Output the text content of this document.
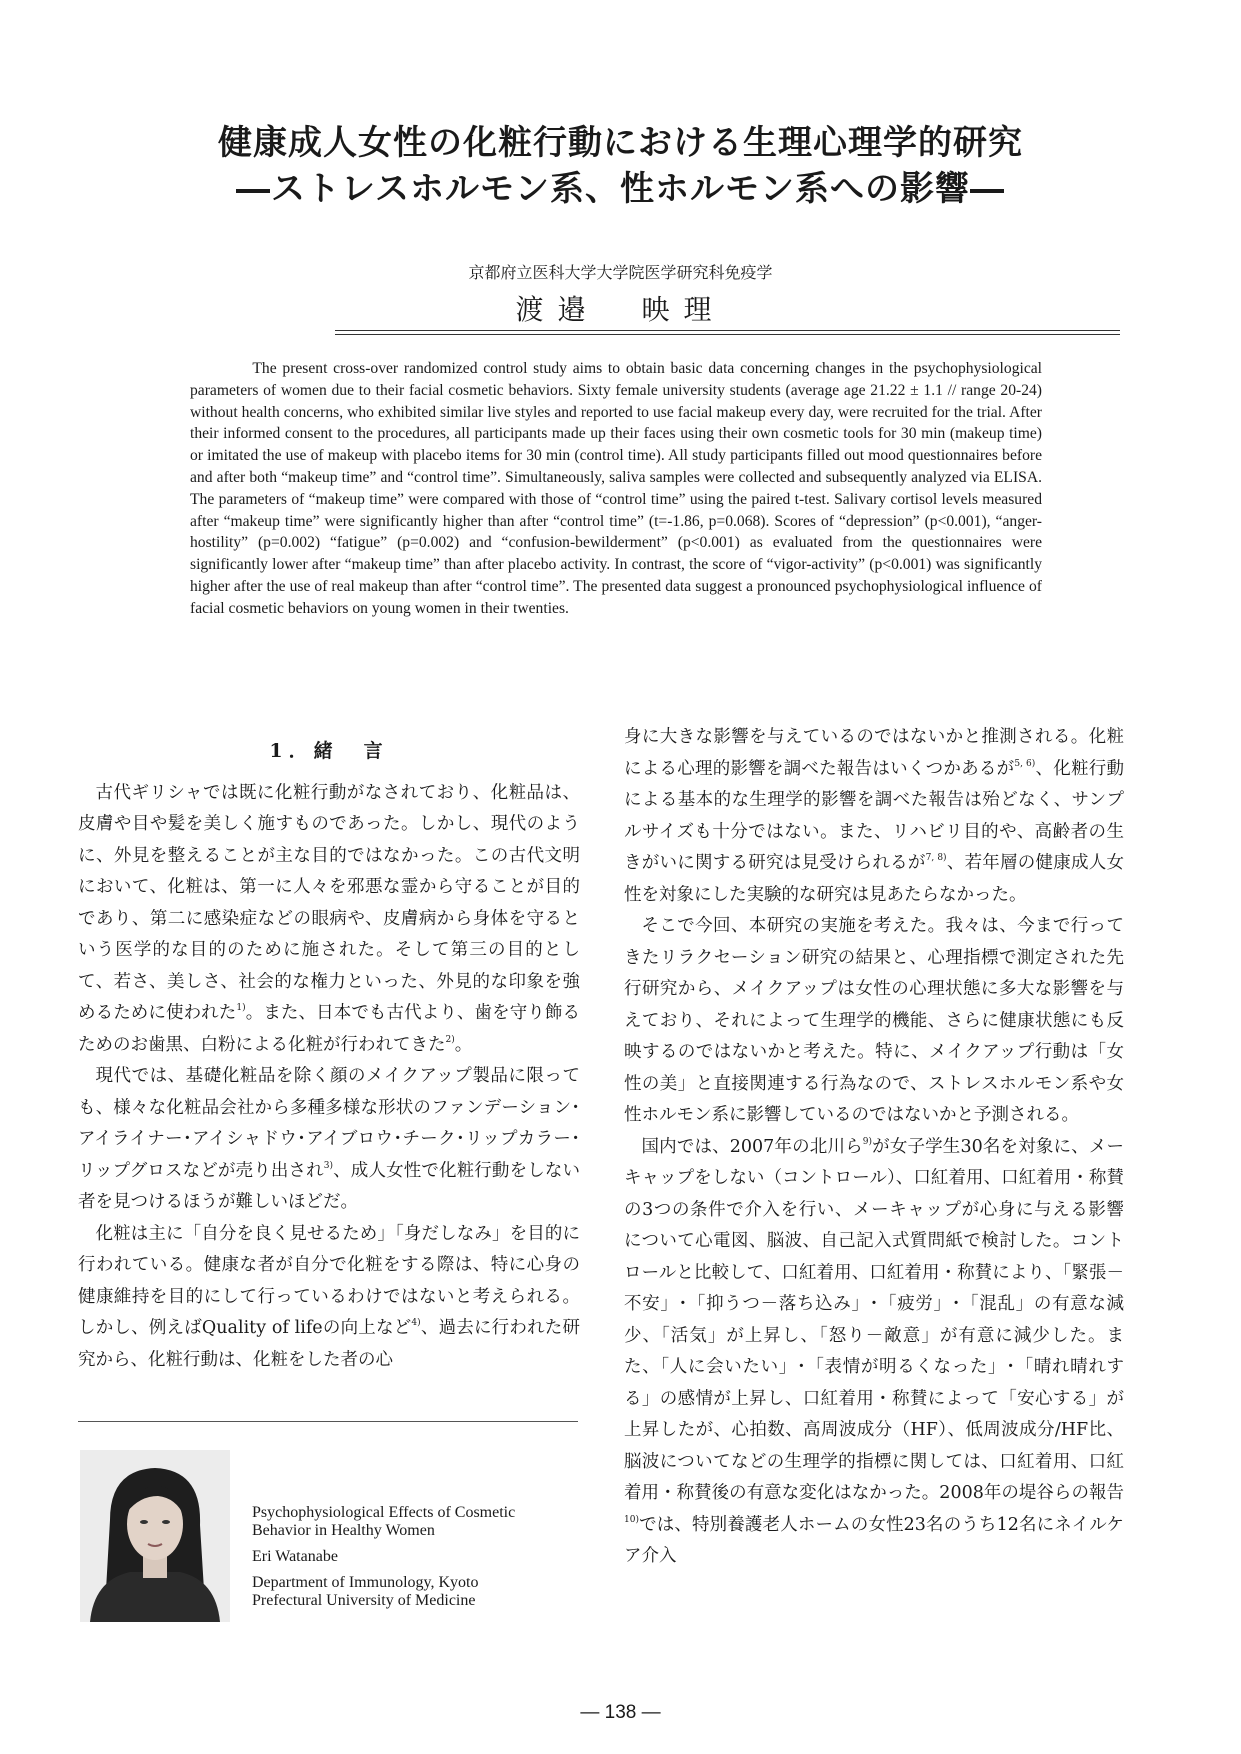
健康成人女性の化粧行動における生理心理学的研究
―ストレスホルモン系、性ホルモン系への影響―
京都府立医科大学大学院医学研究科免疫学
渡邉　映理

The present cross-over randomized control study aims to obtain basic data concerning changes in the psychophysiological parameters of women due to their facial cosmetic behaviors. Sixty female university students (average age 21.22 ± 1.1 // range 20-24) without health concerns, who exhibited similar live styles and reported to use facial makeup every day, were recruited for the trial. After their informed consent to the procedures, all participants made up their faces using their own cosmetic tools for 30 min (makeup time) or imitated the use of makeup with placebo items for 30 min (control time). All study participants filled out mood questionnaires before and after both “makeup time” and “control time”. Simultaneously, saliva samples were collected and subsequently analyzed via ELISA. The parameters of “makeup time” were compared with those of “control time” using the paired t-test. Salivary cortisol levels measured after “makeup time” were significantly higher than after “control time” (t=-1.86, p=0.068). Scores of “depression” (p<0.001), “anger-hostility” (p=0.002) “fatigue” (p=0.002) and “confusion-bewilderment” (p<0.001) as evaluated from the questionnaires were significantly lower after “makeup time” than after placebo activity. In contrast, the score of “vigor-activity” (p<0.001) was significantly higher after the use of real makeup than after “control time”. The presented data suggest a pronounced psychophysiological influence of facial cosmetic behaviors on young women in their twenties.

1．緒　言

古代ギリシャでは既に化粧行動がなされており、化粧品は、皮膚や目や髪を美しく施すものであった。しかし、現代のように、外見を整えることが主な目的ではなかった。この古代文明において、化粧は、第一に人々を邪悪な霊から守ることが目的であり、第二に感染症などの眼病や、皮膚病から身体を守るという医学的な目的のために施された。そして第三の目的として、若さ、美しさ、社会的な権力といった、外見的な印象を強めるために使われた$^{1)}$。また、日本でも古代より、歯を守り飾るためのお歯黒、白粉による化粧が行われてきた$^{2)}$。

現代では、基礎化粧品を除く顔のメイクアップ製品に限っても、様々な化粧品会社から多種多様な形状のファンデーション･アイライナー･アイシャドウ･アイブロウ･チーク･リップカラー･リップグロスなどが売り出され$^{3)}$、成人女性で化粧行動をしない者を見つけるほうが難しいほどだ。

化粧は主に「自分を良く見せるため」「身だしなみ」を目的に行われている。健康な者が自分で化粧をする際は、特に心身の健康維持を目的にして行っているわけではないと考えられる。しかし、例えばQuality of lifeの向上など$^{4)}$、過去に行われた研究から、化粧行動は、化粧をした者の心

身に大きな影響を与えているのではないかと推測される。化粧による心理的影響を調べた報告はいくつかあるが$^{5, 6)}$、化粧行動による基本的な生理学的影響を調べた報告は殆どなく、サンプルサイズも十分ではない。また、リハビリ目的や、高齢者の生きがいに関する研究は見受けられるが$^{7, 8)}$、若年層の健康成人女性を対象にした実験的な研究は見あたらなかった。

そこで今回、本研究の実施を考えた。我々は、今まで行ってきたリラクセーション研究の結果と、心理指標で測定された先行研究から、メイクアップは女性の心理状態に多大な影響を与えており、それによって生理学的機能、さらに健康状態にも反映するのではないかと考えた。特に、メイクアップ行動は「女性の美」と直接関連する行為なので、ストレスホルモン系や女性ホルモン系に影響しているのではないかと予測される。

国内では、2007年の北川ら$^{9)}$が女子学生30名を対象に、メーキャップをしない（コントロール）、口紅着用、口紅着用・称賛の3つの条件で介入を行い、メーキャップが心身に与える影響について心電図、脳波、自己記入式質問紙で検討した。コントロールと比較して、口紅着用、口紅着用・称賛により、「緊張－不安」･「抑うつ－落ち込み」･「疲労」･「混乱」の有意な減少、「活気」が上昇し、「怒り－敵意」が有意に減少した。また、「人に会いたい」･「表情が明るくなった」･「晴れ晴れする」の感情が上昇し、口紅着用・称賛によって「安心する」が上昇したが、心拍数、高周波成分（HF）、低周波成分/HF比、脳波についてなどの生理学的指標に関しては、口紅着用、口紅着用・称賛後の有意な変化はなかった。2008年の堤谷らの報告$^{10)}$では、特別養護老人ホームの女性23名のうち12名にネイルケア介入

Psychophysiological Effects of Cosmetic
Behavior in Healthy Women
Eri Watanabe
Department of Immunology, Kyoto
Prefectural University of Medicine
― 138 ―
